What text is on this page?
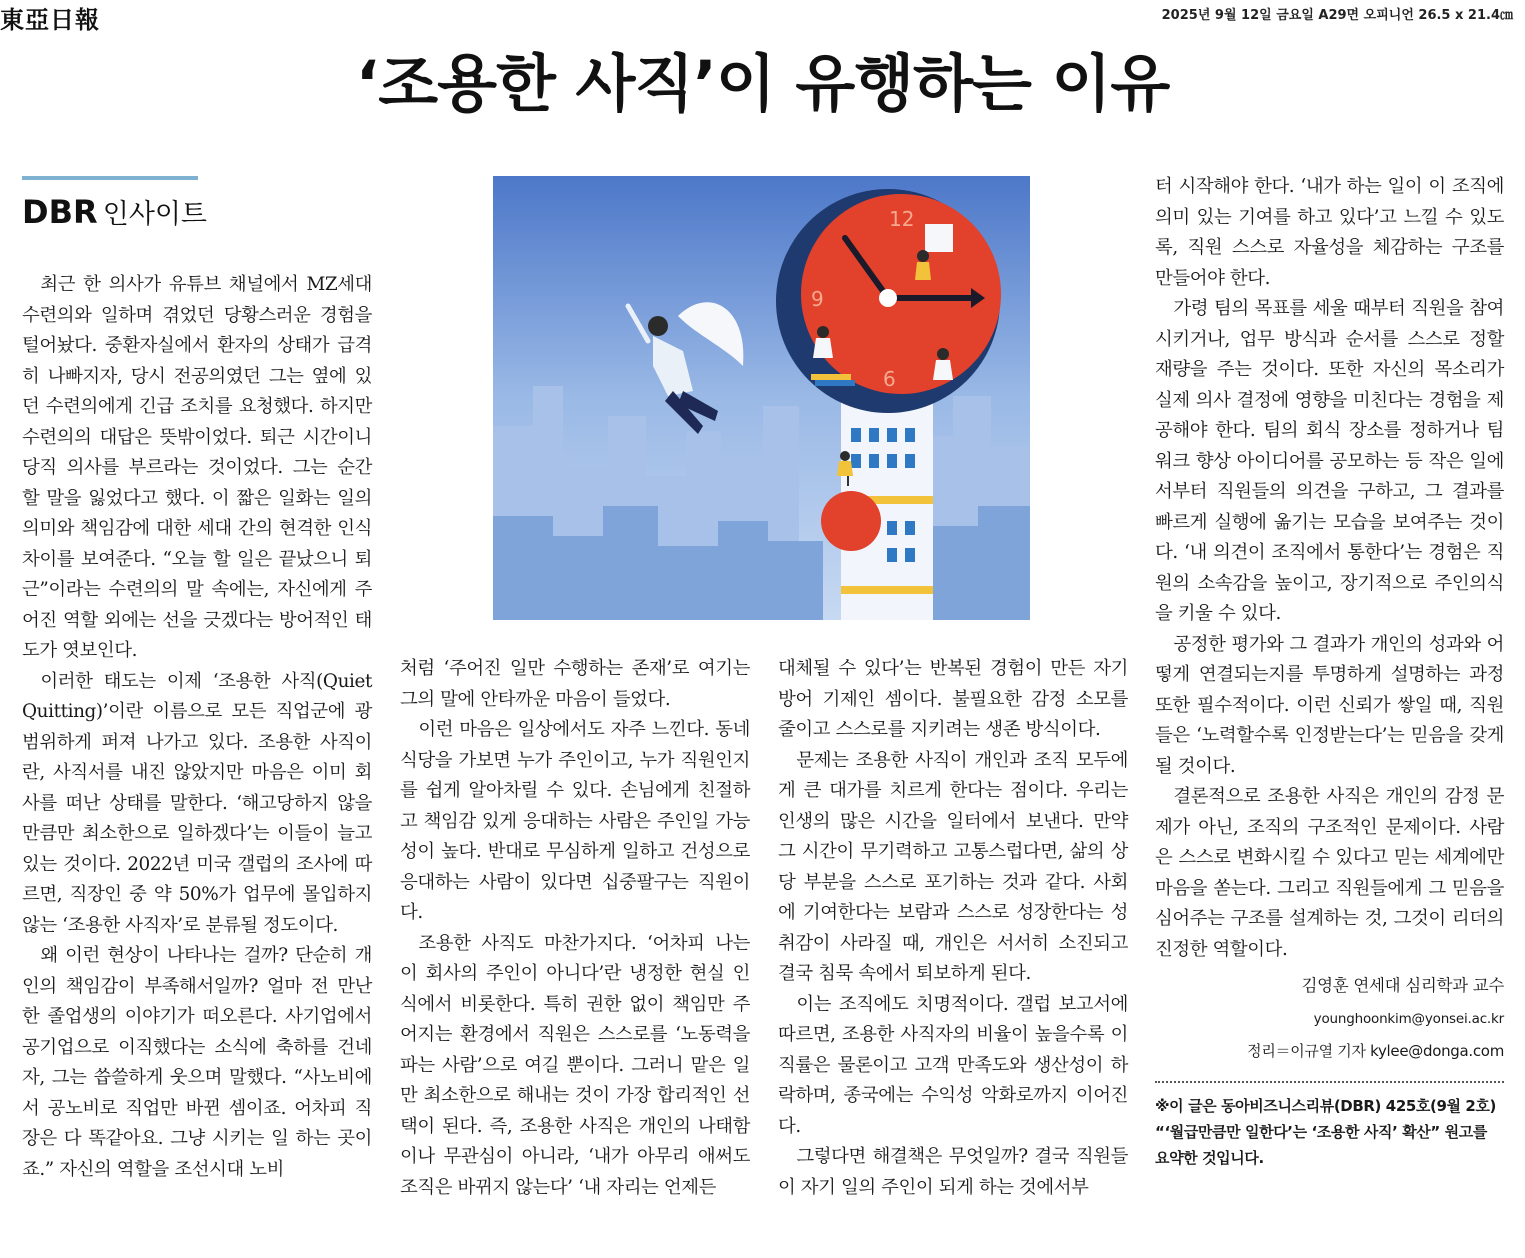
東亞日報	2025년 9월 12일 금요일 A29면 오피니언 26.5 x 21.4㎝
‘조용한 사직’이 유행하는 이유
DBR 인사이트	12
9
6

최근 한 의사가 유튜브 채널에서 MZ세대 수련의와 일하며 겪었던 당황스러운 경험을 털어놨다. 중환자실에서 환자의 상태가 급격히 나빠지자, 당시 전공의였던 그는 옆에 있던 수련의에게 긴급 조치를 요청했다. 하지만 수련의의 대답은 뜻밖이었다. 퇴근 시간이니 당직 의사를 부르라는 것이었다. 그는 순간 할 말을 잃었다고 했다. 이 짧은 일화는 일의 의미와 책임감에 대한 세대 간의 현격한 인식 차이를 보여준다. “오늘 할 일은 끝났으니 퇴근”이라는 수련의의 말 속에는, 자신에게 주어진 역할 외에는 선을 긋겠다는 방어적인 태도가 엿보인다.

이러한 태도는 이제 ‘조용한 사직(Quiet Quitting)’이란 이름으로 모든 직업군에 광범위하게 퍼져 나가고 있다. 조용한 사직이란, 사직서를 내진 않았지만 마음은 이미 회사를 떠난 상태를 말한다. ‘해고당하지 않을 만큼만 최소한으로 일하겠다’는 이들이 늘고 있는 것이다. 2022년 미국 갤럽의 조사에 따르면, 직장인 중 약 50%가 업무에 몰입하지 않는 ‘조용한 사직자’로 분류될 정도이다.

왜 이런 현상이 나타나는 걸까? 단순히 개인의 책임감이 부족해서일까? 얼마 전 만난 한 졸업생의 이야기가 떠오른다. 사기업에서 공기업으로 이직했다는 소식에 축하를 건네자, 그는 씁쓸하게 웃으며 말했다. “사노비에서 공노비로 직업만 바뀐 셈이죠. 어차피 직장은 다 똑같아요. 그냥 시키는 일 하는 곳이죠.” 자신의 역할을 조선시대 노비

처럼 ‘주어진 일만 수행하는 존재’로 여기는 그의 말에 안타까운 마음이 들었다.

이런 마음은 일상에서도 자주 느낀다. 동네 식당을 가보면 누가 주인이고, 누가 직원인지를 쉽게 알아차릴 수 있다. 손님에게 친절하고 책임감 있게 응대하는 사람은 주인일 가능성이 높다. 반대로 무심하게 일하고 건성으로 응대하는 사람이 있다면 십중팔구는 직원이다.

조용한 사직도 마찬가지다. ‘어차피 나는 이 회사의 주인이 아니다’란 냉정한 현실 인식에서 비롯한다. 특히 권한 없이 책임만 주어지는 환경에서 직원은 스스로를 ‘노동력을 파는 사람’으로 여길 뿐이다. 그러니 맡은 일만 최소한으로 해내는 것이 가장 합리적인 선택이 된다. 즉, 조용한 사직은 개인의 나태함이나 무관심이 아니라, ‘내가 아무리 애써도 조직은 바뀌지 않는다’ ‘내 자리는 언제든

대체될 수 있다’는 반복된 경험이 만든 자기 방어 기제인 셈이다. 불필요한 감정 소모를 줄이고 스스로를 지키려는 생존 방식이다.

문제는 조용한 사직이 개인과 조직 모두에게 큰 대가를 치르게 한다는 점이다. 우리는 인생의 많은 시간을 일터에서 보낸다. 만약 그 시간이 무기력하고 고통스럽다면, 삶의 상당 부분을 스스로 포기하는 것과 같다. 사회에 기여한다는 보람과 스스로 성장한다는 성취감이 사라질 때, 개인은 서서히 소진되고 결국 침묵 속에서 퇴보하게 된다.

이는 조직에도 치명적이다. 갤럽 보고서에 따르면, 조용한 사직자의 비율이 높을수록 이직률은 물론이고 고객 만족도와 생산성이 하락하며, 종국에는 수익성 악화로까지 이어진다.

그렇다면 해결책은 무엇일까? 결국 직원들이 자기 일의 주인이 되게 하는 것에서부

터 시작해야 한다. ‘내가 하는 일이 이 조직에 의미 있는 기여를 하고 있다’고 느낄 수 있도록, 직원 스스로 자율성을 체감하는 구조를 만들어야 한다.

가령 팀의 목표를 세울 때부터 직원을 참여시키거나, 업무 방식과 순서를 스스로 정할 재량을 주는 것이다. 또한 자신의 목소리가 실제 의사 결정에 영향을 미친다는 경험을 제공해야 한다. 팀의 회식 장소를 정하거나 팀워크 향상 아이디어를 공모하는 등 작은 일에서부터 직원들의 의견을 구하고, 그 결과를 빠르게 실행에 옮기는 모습을 보여주는 것이다. ‘내 의견이 조직에서 통한다’는 경험은 직원의 소속감을 높이고, 장기적으로 주인의식을 키울 수 있다.

공정한 평가와 그 결과가 개인의 성과와 어떻게 연결되는지를 투명하게 설명하는 과정 또한 필수적이다. 이런 신뢰가 쌓일 때, 직원들은 ‘노력할수록 인정받는다’는 믿음을 갖게 될 것이다.

결론적으로 조용한 사직은 개인의 감정 문제가 아닌, 조직의 구조적인 문제이다. 사람은 스스로 변화시킬 수 있다고 믿는 세계에만 마음을 쏟는다. 그리고 직원들에게 그 믿음을 심어주는 구조를 설계하는 것, 그것이 리더의 진정한 역할이다.

김영훈 연세대 심리학과 교수
younghoonkim@yonsei.ac.kr
정리＝이규열 기자 kylee@donga.com
※이 글은 동아비즈니스리뷰(DBR) 425호(9월 2호) “‘월급만큼만 일한다’는 ‘조용한 사직’ 확산” 원고를 요약한 것입니다.
